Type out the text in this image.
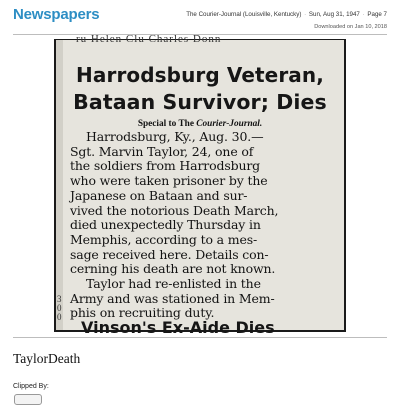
Newspapers	The Courier-Journal (Louisville, Kentucky) · Sun, Aug 31, 1947 · Page 7
Downloaded on Jan 10, 2018
ru Helen Clu Charles Donn
Harrodsburg Veteran,
Bataan Survivor; Dies
Special to The Courier-Journal.
Harrodsburg, Ky., Aug. 30.—
Sgt. Marvin Taylor, 24, one of
the soldiers from Harrodsburg
who were taken prisoner by the
Japanese on Bataan and sur-
vived the notorious Death March,
died unexpectedly Thursday in
Memphis, according to a mes-
sage received here. Details con-
cerning his death are not known.
Taylor had re-enlisted in the
Army and was stationed in Mem-
phis on recruiting duty.
3
0
0
Vinson's Ex-Aide Dies
TaylorDeath
Clipped By:
